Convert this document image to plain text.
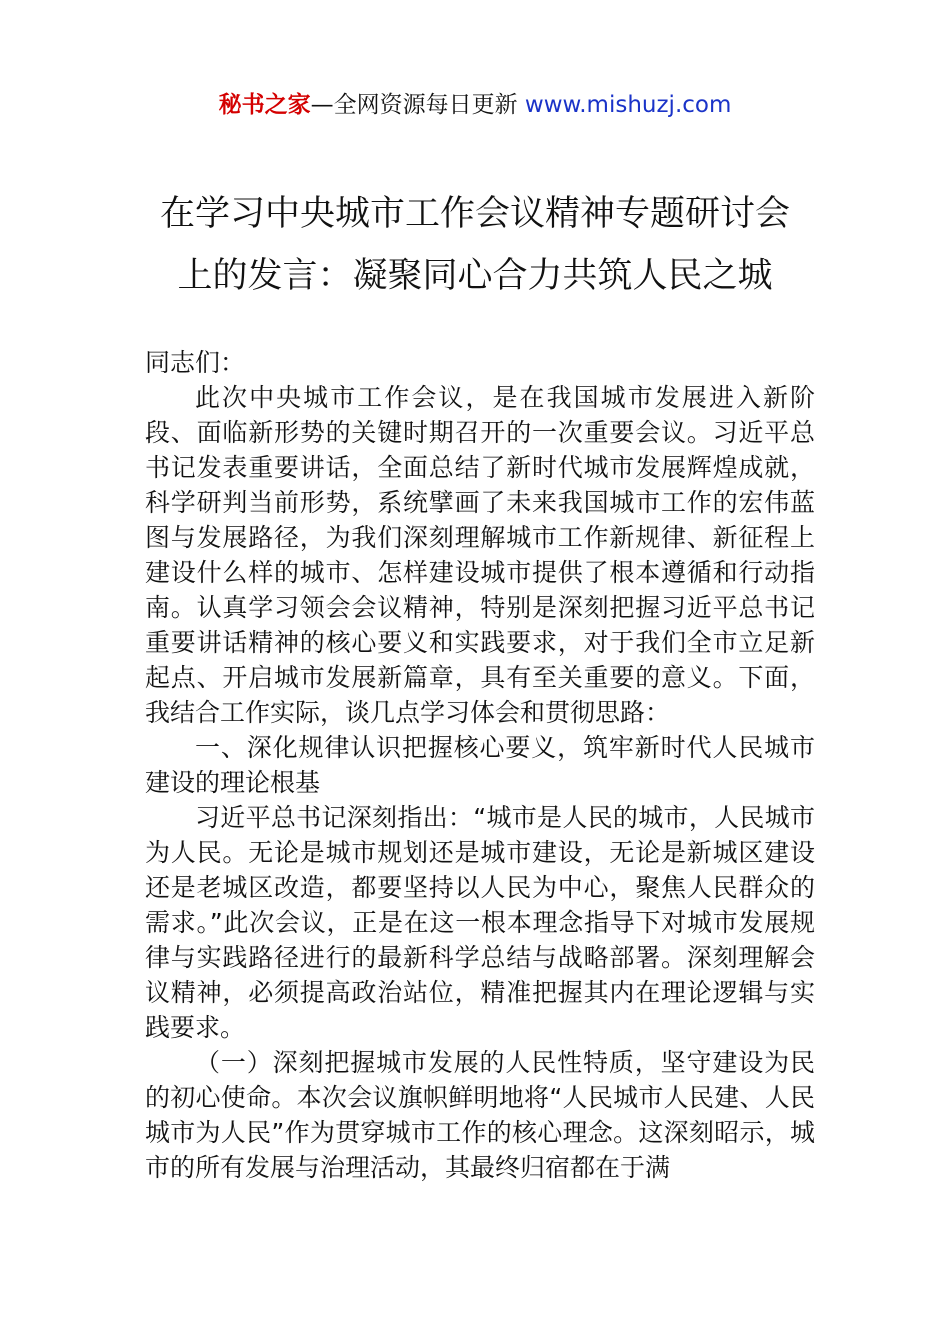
秘书之家—全网资源每日更新 www.mishuzj.com
在学习中央城市工作会议精神专题研讨会
上的发言：凝聚同心合力共筑人民之城

同志们：

此次中央城市工作会议，是在我国城市发展进入新阶段、面临新形势的关键时期召开的一次重要会议。习近平总书记发表重要讲话，全面总结了新时代城市发展辉煌成就，科学研判当前形势，系统擘画了未来我国城市工作的宏伟蓝图与发展路径，为我们深刻理解城市工作新规律、新征程上建设什么样的城市、怎样建设城市提供了根本遵循和行动指南。认真学习领会会议精神，特别是深刻把握习近平总书记重要讲话精神的核心要义和实践要求，对于我们全市立足新起点、开启城市发展新篇章，具有至关重要的意义。下面，我结合工作实际，谈几点学习体会和贯彻思路：

一、深化规律认识把握核心要义，筑牢新时代人民城市建设的理论根基

习近平总书记深刻指出：“城市是人民的城市，人民城市为人民。无论是城市规划还是城市建设，无论是新城区建设还是老城区改造，都要坚持以人民为中心，聚焦人民群众的需求。”此次会议，正是在这一根本理念指导下对城市发展规律与实践路径进行的最新科学总结与战略部署。深刻理解会议精神，必须提高政治站位，精准把握其内在理论逻辑与实践要求。

（一）深刻把握城市发展的人民性特质，坚守建设为民的初心使命。本次会议旗帜鲜明地将“人民城市人民建、人民城市为人民”作为贯穿城市工作的核心理念。这深刻昭示，城市的所有发展与治理活动，其最终归宿都在于满
